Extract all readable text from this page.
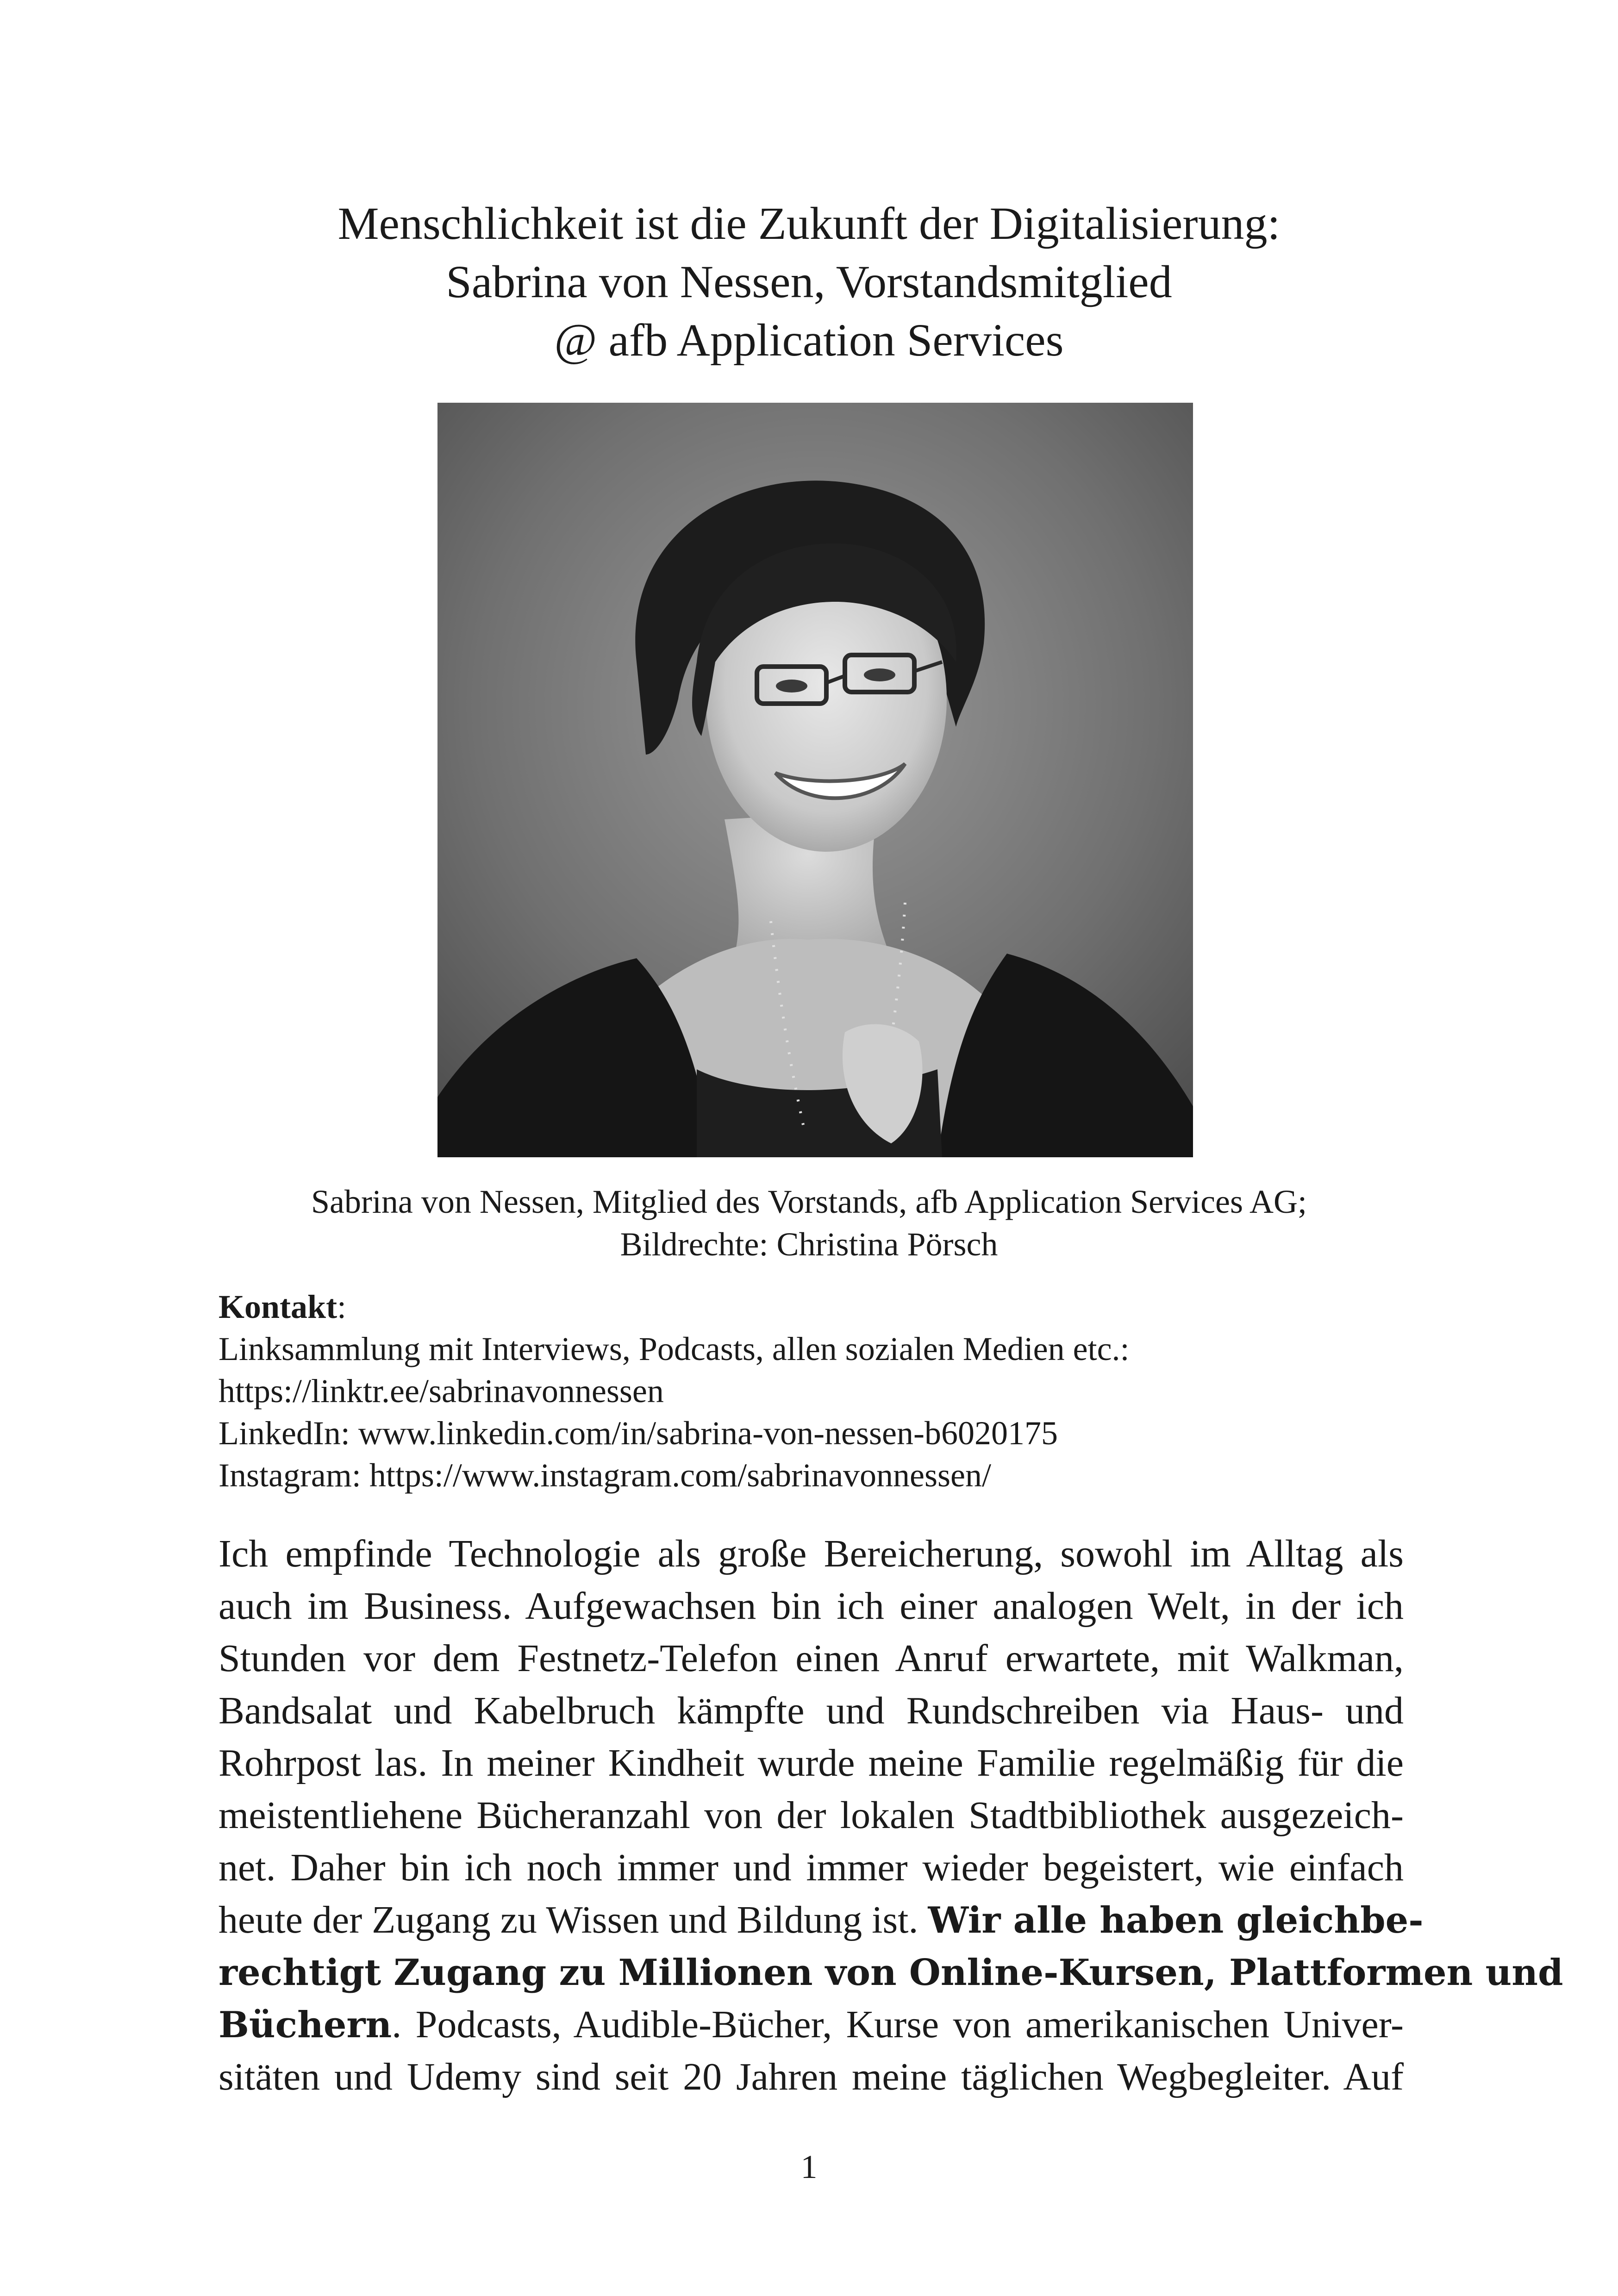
Menschlichkeit ist die Zukunft der Digitalisierung:
Sabrina von Nessen, Vorstandsmitglied
@ afb Application Services
Sabrina von Nessen, Mitglied des Vorstands, afb Application Services AG;
Bildrechte: Christina Pörsch
Kontakt:
Linksammlung mit Interviews, Podcasts, allen sozialen Medien etc.:
https://linktr.ee/sabrinavonnessen
LinkedIn: www.linkedin.com/in/sabrina-von-nessen-b6020175
Instagram: https://www.instagram.com/sabrinavonnessen/
Ich empfinde Technologie als große Bereicherung, sowohl im Alltag als
auch im Business. Aufgewachsen bin ich einer analogen Welt, in der ich
Stunden vor dem Festnetz-Telefon einen Anruf erwartete, mit Walkman,
Bandsalat und Kabelbruch kämpfte und Rundschreiben via Haus- und
Rohrpost las. In meiner Kindheit wurde meine Familie regelmäßig für die
meistentliehene Bücheranzahl von der lokalen Stadtbibliothek ausgezeich-
net. Daher bin ich noch immer und immer wieder begeistert, wie einfach
heute der Zugang zu Wissen und Bildung ist. Wir alle haben gleichbe-
rechtigt Zugang zu Millionen von Online-Kursen, Plattformen und
Büchern. Podcasts, Audible-Bücher, Kurse von amerikanischen Univer-
sitäten und Udemy sind seit 20 Jahren meine täglichen Wegbegleiter. Auf
1
